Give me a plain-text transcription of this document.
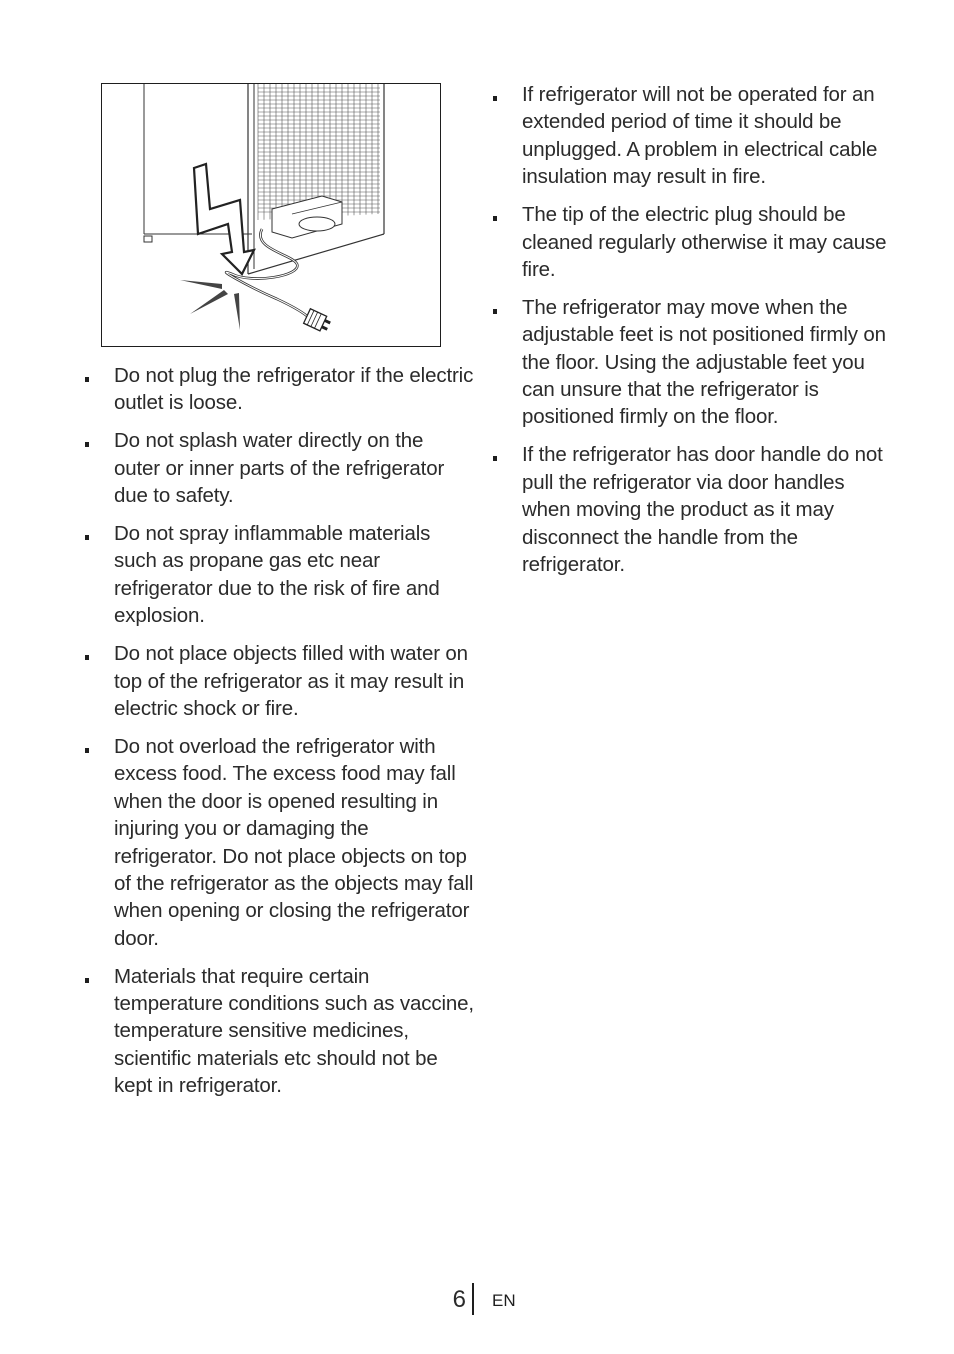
Do not plug the refrigerator if the electric outlet is loose.
Do not splash water directly on the outer or inner parts of the refrigerator due to safety.
Do not spray inflammable materials such as propane gas etc near refrigerator due to the risk of fire and explosion.
Do not place objects filled with water on top of the refrigerator as it may result in electric shock or fire.
Do not overload the refrigerator with excess food. The excess food may fall when the door is opened resulting in injuring you or damaging the refrigerator. Do not place objects on top of the refrigerator as the objects may fall when opening or closing the refrigerator door.
Materials that require certain temperature conditions such as vaccine, temperature sensitive medicines, scientific materials etc should not be kept in refrigerator.
If refrigerator will not be operated for an extended period of time it should be unplugged. A problem in electrical cable insulation may result in fire.
The tip of the electric plug should be cleaned regularly otherwise it may cause fire.
The refrigerator may move when the adjustable feet is not positioned firmly on the floor. Using the adjustable feet you can unsure that the refrigerator is positioned firmly on the floor.
If the refrigerator has door handle do not pull the refrigerator via door handles when moving the product as it may disconnect the handle from the refrigerator.
6 EN
